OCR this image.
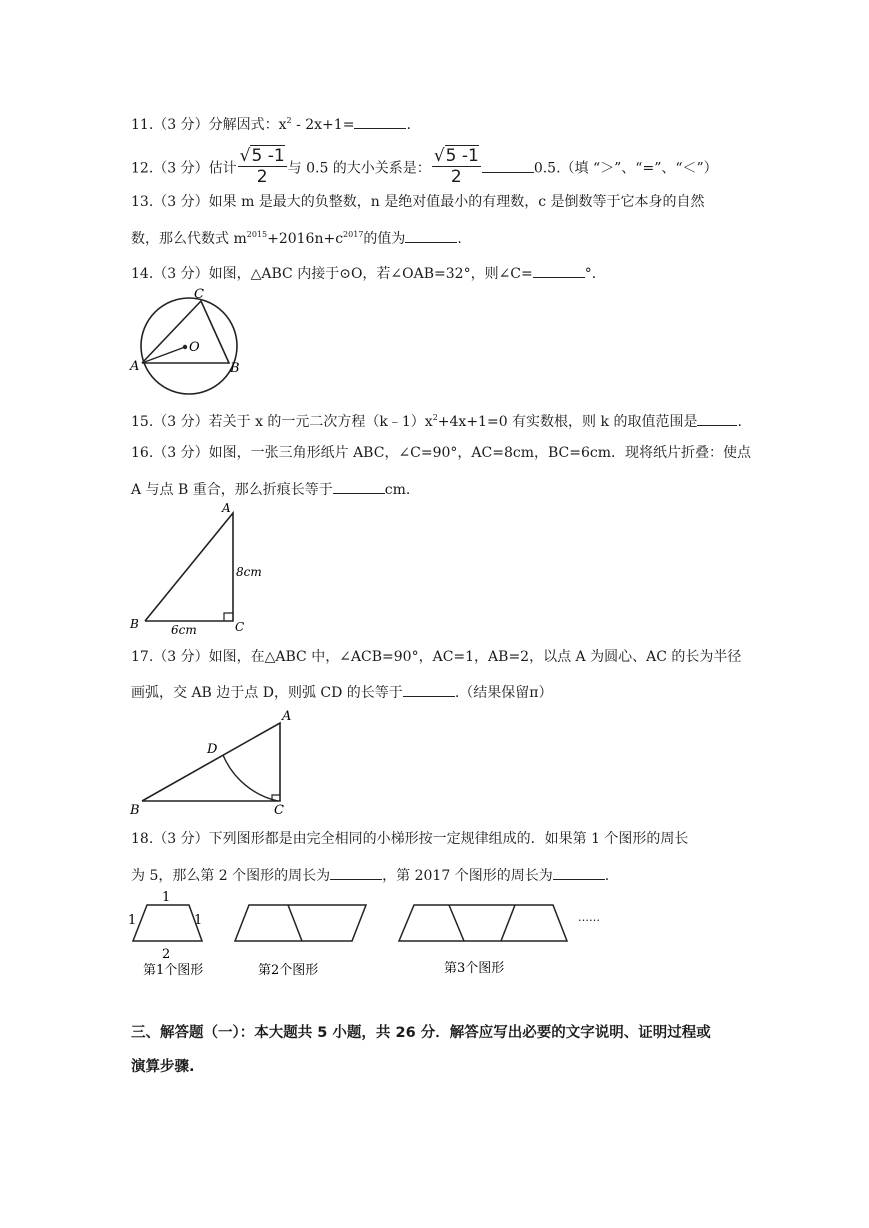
11.（3 分）分解因式：$x^2 - 2x+1=$	.
12.（3 分）估计 $\frac{√5 -1}{2}$ 与 0.5 的大小关系是： $\frac{√5 -1}{2}$	0.5.（填 “＞”、“=”、“＜”）
13.（3 分）如果 m 是最大的负整数，n 是绝对值最小的有理数，c 是倒数等于它本身的自然
数，那么代数式 $m^{2015}+2016n+c^{2017}$的值为	.
14.（3 分）如图，△ABC 内接于⊙O，若∠OAB=32°，则∠C=	°．
C
O
A	B
15.（3 分）若关于 x 的一元二次方程$(k﹣1)x^2+4x+1=0$ 有实数根，则 k 的取值范围是	.
16.（3 分）如图，一张三角形纸片 ABC，∠C=90°，AC=8cm，BC=6cm．现将纸片折叠：使点
A 与点 B 重合，那么折痕长等于	cm.
A
8cm
B	6cm	C
17.（3 分）如图，在△ABC 中，∠ACB=90°，AC=1，AB=2，以点 A 为圆心、AC 的长为半径
画弧，交 AB 边于点 D，则弧 CD 的长等于	.（结果保留π）
A
D
B	C
18.（3 分）下列图形都是由完全相同的小梯形按一定规律组成的．如果第 1 个图形的周长
为 5，那么第 2 个图形的周长为	，第 2017 个图形的周长为	.
1
1	1
2
第1个图形	第2个图形	第3个图形
……
三、解答题（一）：本大题共 5 小题，共 26 分．解答应写出必要的文字说明、证明过程或
演算步骤.
